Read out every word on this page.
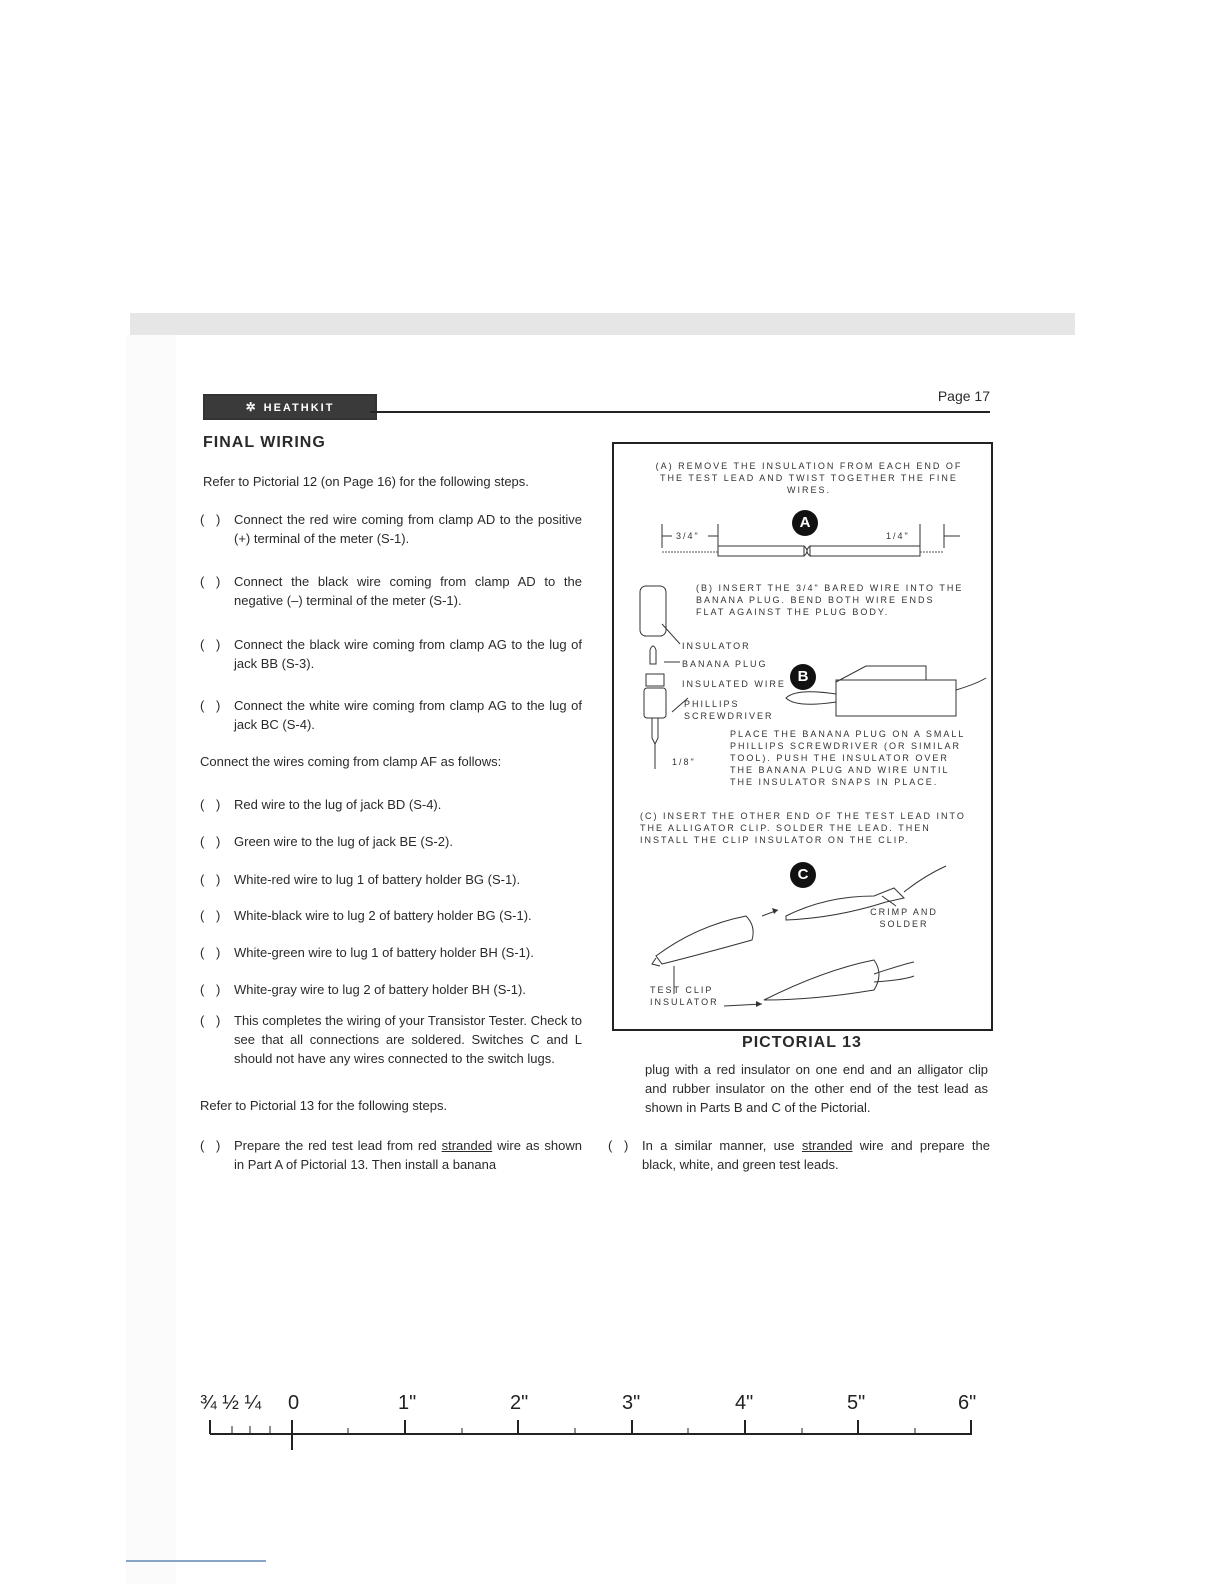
✲ HEATHKIT
Page 17
FINAL WIRING
Refer to Pictorial 12 (on Page 16) for the following steps.
( ) Connect the red wire coming from clamp AD to the positive (+) terminal of the meter (S-1).
( ) Connect the black wire coming from clamp AD to the negative (–) terminal of the meter (S-1).
( ) Connect the black wire coming from clamp AG to the lug of jack BB (S-3).
( ) Connect the white wire coming from clamp AG to the lug of jack BC (S-4).
Connect the wires coming from clamp AF as follows:
( ) Red wire to the lug of jack BD (S-4).
( ) Green wire to the lug of jack BE (S-2).
( ) White-red wire to lug 1 of battery holder BG (S-1).
( ) White-black wire to lug 2 of battery holder BG (S-1).
( ) White-green wire to lug 1 of battery holder BH (S-1).
( ) White-gray wire to lug 2 of battery holder BH (S-1).
( ) This completes the wiring of your Transistor Tester. Check to see that all connections are soldered. Switches C and L should not have any wires connected to the switch lugs.
Refer to Pictorial 13 for the following steps.
( ) Prepare the red test lead from red stranded wire as shown in Part A of Pictorial 13. Then install a banana
(A) REMOVE THE INSULATION FROM EACH END OF THE TEST LEAD AND TWIST TOGETHER THE FINE WIRES.
A
3/4"	1/4"
(B) INSERT THE 3/4" BARED WIRE INTO THE BANANA PLUG. BEND BOTH WIRE ENDS FLAT AGAINST THE PLUG BODY.
INSULATOR
BANANA PLUG
INSULATED WIRE
PHILLIPS SCREWDRIVER
B
PLACE THE BANANA PLUG ON A SMALL PHILLIPS SCREWDRIVER (OR SIMILAR TOOL). PUSH THE INSULATOR OVER THE BANANA PLUG AND WIRE UNTIL THE INSULATOR SNAPS IN PLACE.
1/8"
(C) INSERT THE OTHER END OF THE TEST LEAD INTO THE ALLIGATOR CLIP. SOLDER THE LEAD. THEN INSTALL THE CLIP INSULATOR ON THE CLIP.
C
CRIMP AND SOLDER
TEST CLIP INSULATOR
PICTORIAL 13
plug with a red insulator on one end and an alligator clip and rubber insulator on the other end of the test lead as shown in Parts B and C of the Pictorial.
( ) In a similar manner, use stranded wire and prepare the black, white, and green test leads.
¾ ½ ¼ 0	1"	2"	3"	4"	5"	6"
